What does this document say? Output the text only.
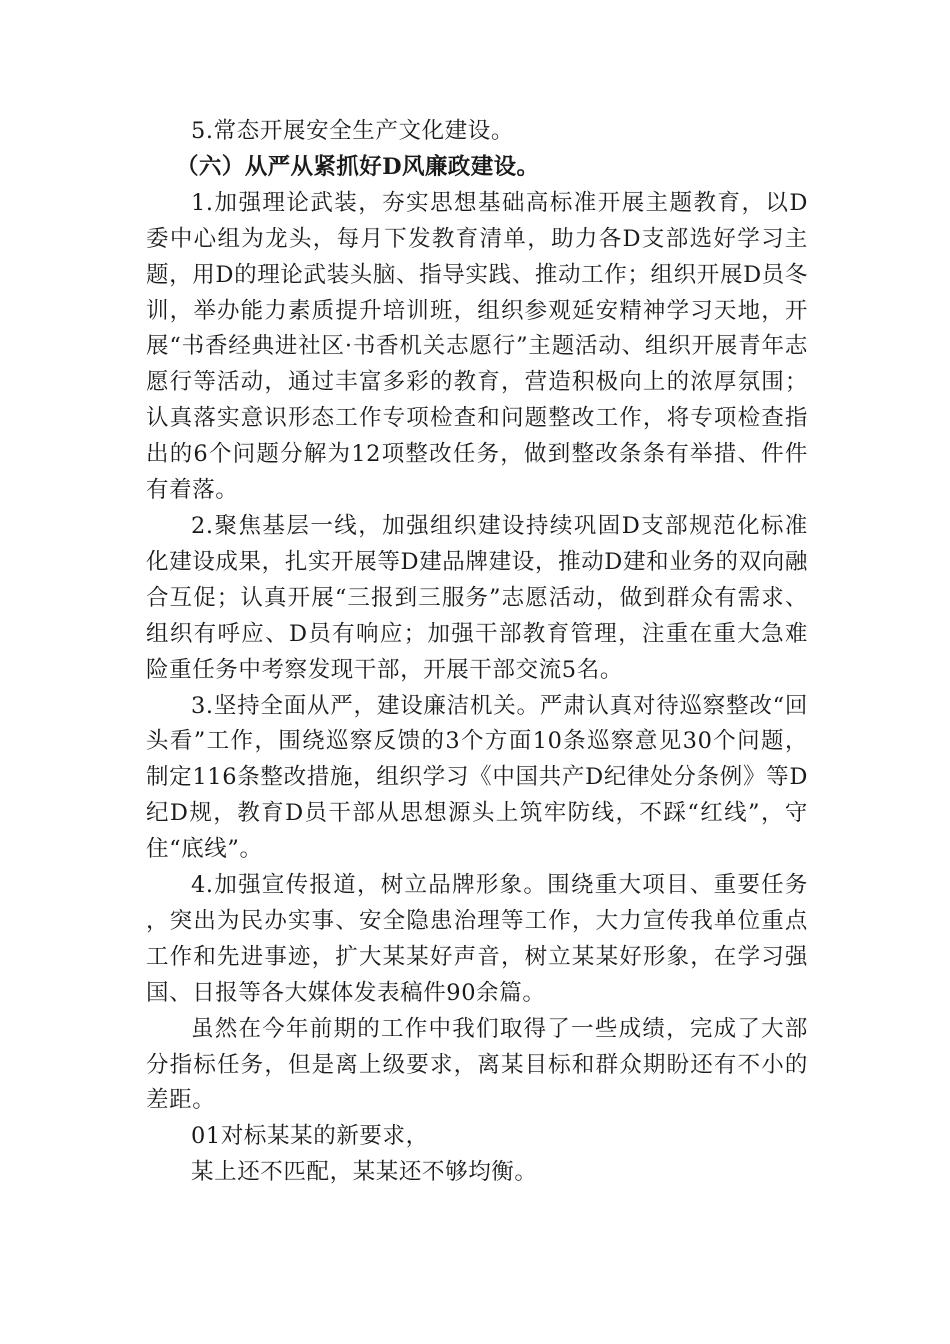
5.常态开展安全生产文化建设。

（六）从严从紧抓好D风廉政建设。

1.加强理论武装，夯实思想基础高标准开展主题教育，以D委中心组为龙头，每月下发教育清单，助力各D支部选好学习主题，用D的理论武装头脑、指导实践、推动工作；组织开展D员冬训，举办能力素质提升培训班，组织参观延安精神学习天地，开展“书香经典进社区·书香机关志愿行”主题活动、组织开展青年志愿行等活动，通过丰富多彩的教育，营造积极向上的浓厚氛围；认真落实意识形态工作专项检查和问题整改工作，将专项检查指出的6个问题分解为12项整改任务，做到整改条条有举措、件件有着落。

2.聚焦基层一线，加强组织建设持续巩固D支部规范化标准化建设成果，扎实开展等D建品牌建设，推动D建和业务的双向融合互促；认真开展“三报到三服务”志愿活动，做到群众有需求、组织有呼应、D员有响应；加强干部教育管理，注重在重大急难险重任务中考察发现干部，开展干部交流5名。

3.坚持全面从严，建设廉洁机关。严肃认真对待巡察整改“回头看”工作，围绕巡察反馈的3个方面10条巡察意见30个问题，制定116条整改措施，组织学习《中国共产D纪律处分条例》等D纪D规，教育D员干部从思想源头上筑牢防线，不踩“红线”，守住“底线”。

4.加强宣传报道，树立品牌形象。围绕重大项目、重要任务，突出为民办实事、安全隐患治理等工作，大力宣传我单位重点工作和先进事迹，扩大某某好声音，树立某某好形象，在学习强国、日报等各大媒体发表稿件90余篇。

虽然在今年前期的工作中我们取得了一些成绩，完成了大部分指标任务，但是离上级要求，离某目标和群众期盼还有不小的差距。

01对标某某的新要求，

某上还不匹配，某某还不够均衡。
